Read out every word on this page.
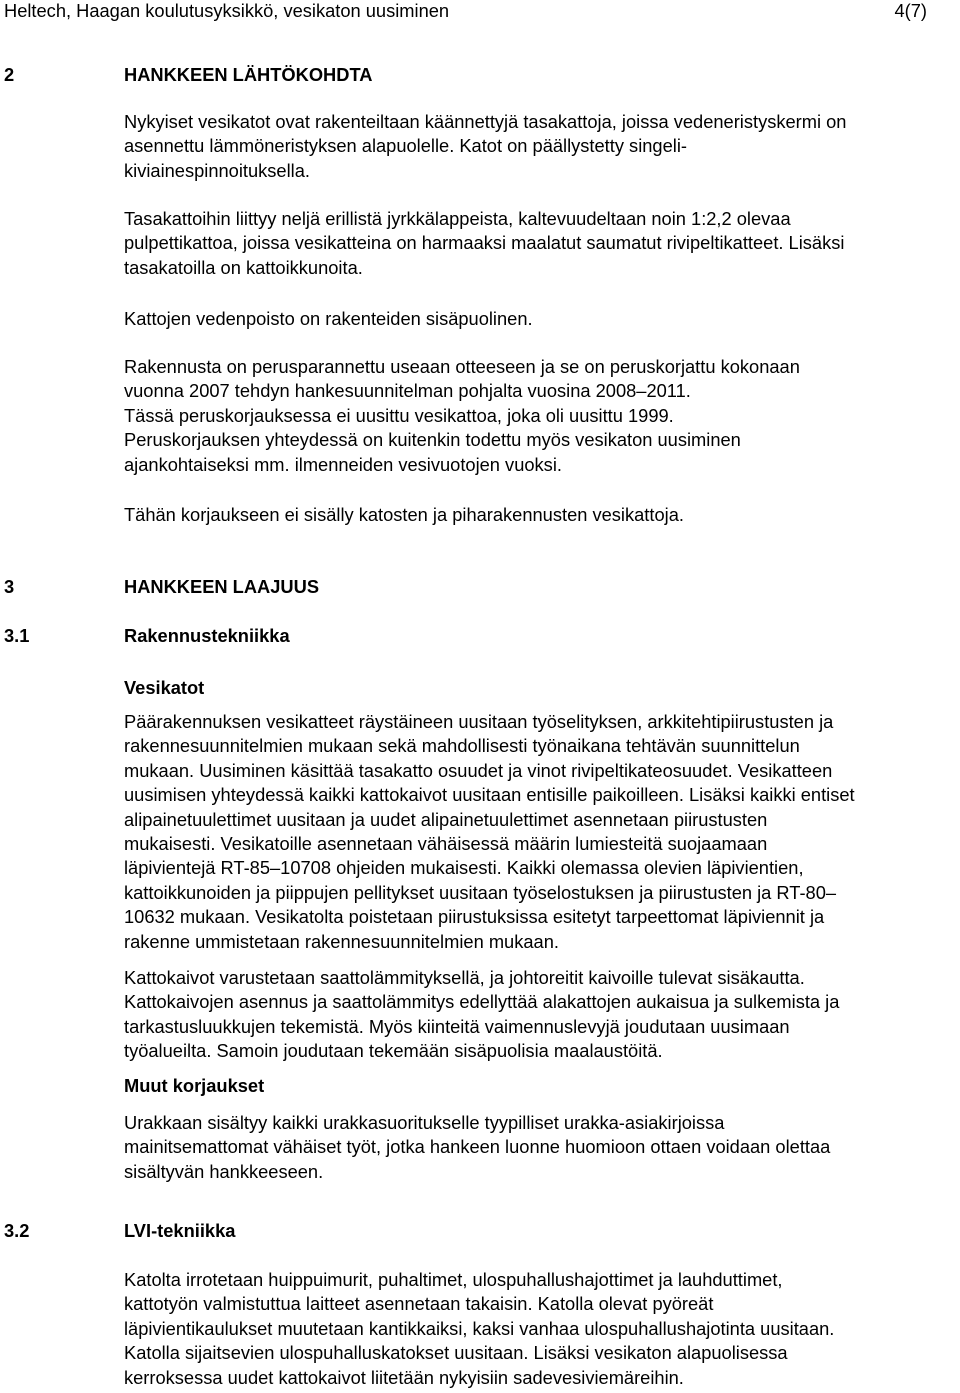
Heltech, Haagan koulutusyksikkö, vesikaton uusiminen	4(7)
2	HANKKEEN LÄHTÖKOHDTA

Nykyiset vesikatot ovat rakenteiltaan käännettyjä tasakattoja, joissa vedeneristyskermi on
asennettu lämmöneristyksen alapuolelle. Katot on päällystetty singeli-
kiviainespinnoituksella.

Tasakattoihin liittyy neljä erillistä jyrkkälappeista, kaltevuudeltaan noin 1:2,2 olevaa
pulpettikattoa, joissa vesikatteina on harmaaksi maalatut saumatut rivipeltikatteet. Lisäksi
tasakatoilla on kattoikkunoita.

Kattojen vedenpoisto on rakenteiden sisäpuolinen.

Rakennusta on perusparannettu useaan otteeseen ja se on peruskorjattu kokonaan
vuonna 2007 tehdyn hankesuunnitelman pohjalta vuosina 2008–2011.
Tässä peruskorjauksessa ei uusittu vesikattoa, joka oli uusittu 1999.
Peruskorjauksen yhteydessä on kuitenkin todettu myös vesikaton uusiminen
ajankohtaiseksi mm. ilmenneiden vesivuotojen vuoksi.

Tähän korjaukseen ei sisälly katosten ja piharakennusten vesikattoja.

3	HANKKEEN LAAJUUS
3.1	Rakennustekniikka
Vesikatot

Päärakennuksen vesikatteet räystäineen uusitaan työselityksen, arkkitehtipiirustusten ja
rakennesuunnitelmien mukaan sekä mahdollisesti työnaikana tehtävän suunnittelun
mukaan. Uusiminen käsittää tasakatto osuudet ja vinot rivipeltikateosuudet. Vesikatteen
uusimisen yhteydessä kaikki kattokaivot uusitaan entisille paikoilleen. Lisäksi kaikki entiset
alipainetuulettimet uusitaan ja uudet alipainetuulettimet asennetaan piirustusten
mukaisesti. Vesikatoille asennetaan vähäisessä määrin lumiesteitä suojaamaan
läpivientejä RT-85–10708 ohjeiden mukaisesti. Kaikki olemassa olevien läpivientien,
kattoikkunoiden ja piippujen pellitykset uusitaan työselostuksen ja piirustusten ja RT-80–
10632 mukaan. Vesikatolta poistetaan piirustuksissa esitetyt tarpeettomat läpiviennit ja
rakenne ummistetaan rakennesuunnitelmien mukaan.

Kattokaivot varustetaan saattolämmityksellä, ja johtoreitit kaivoille tulevat sisäkautta.
Kattokaivojen asennus ja saattolämmitys edellyttää alakattojen aukaisua ja sulkemista ja
tarkastusluukkujen tekemistä. Myös kiinteitä vaimennuslevyjä joudutaan uusimaan
työalueilta. Samoin joudutaan tekemään sisäpuolisia maalaustöitä.

Muut korjaukset

Urakkaan sisältyy kaikki urakkasuoritukselle tyypilliset urakka-asiakirjoissa
mainitsemattomat vähäiset työt, jotka hankeen luonne huomioon ottaen voidaan olettaa
sisältyvän hankkeeseen.

3.2	LVI-tekniikka

Katolta irrotetaan huippuimurit, puhaltimet, ulospuhallushajottimet ja lauhduttimet,
kattotyön valmistuttua laitteet asennetaan takaisin. Katolla olevat pyöreät
läpivientikaulukset muutetaan kantikkaiksi, kaksi vanhaa ulospuhallushajotinta uusitaan.
Katolla sijaitsevien ulospuhalluskatokset uusitaan. Lisäksi vesikaton alapuolisessa
kerroksessa uudet kattokaivot liitetään nykyisiin sadevesiviemäreihin.
